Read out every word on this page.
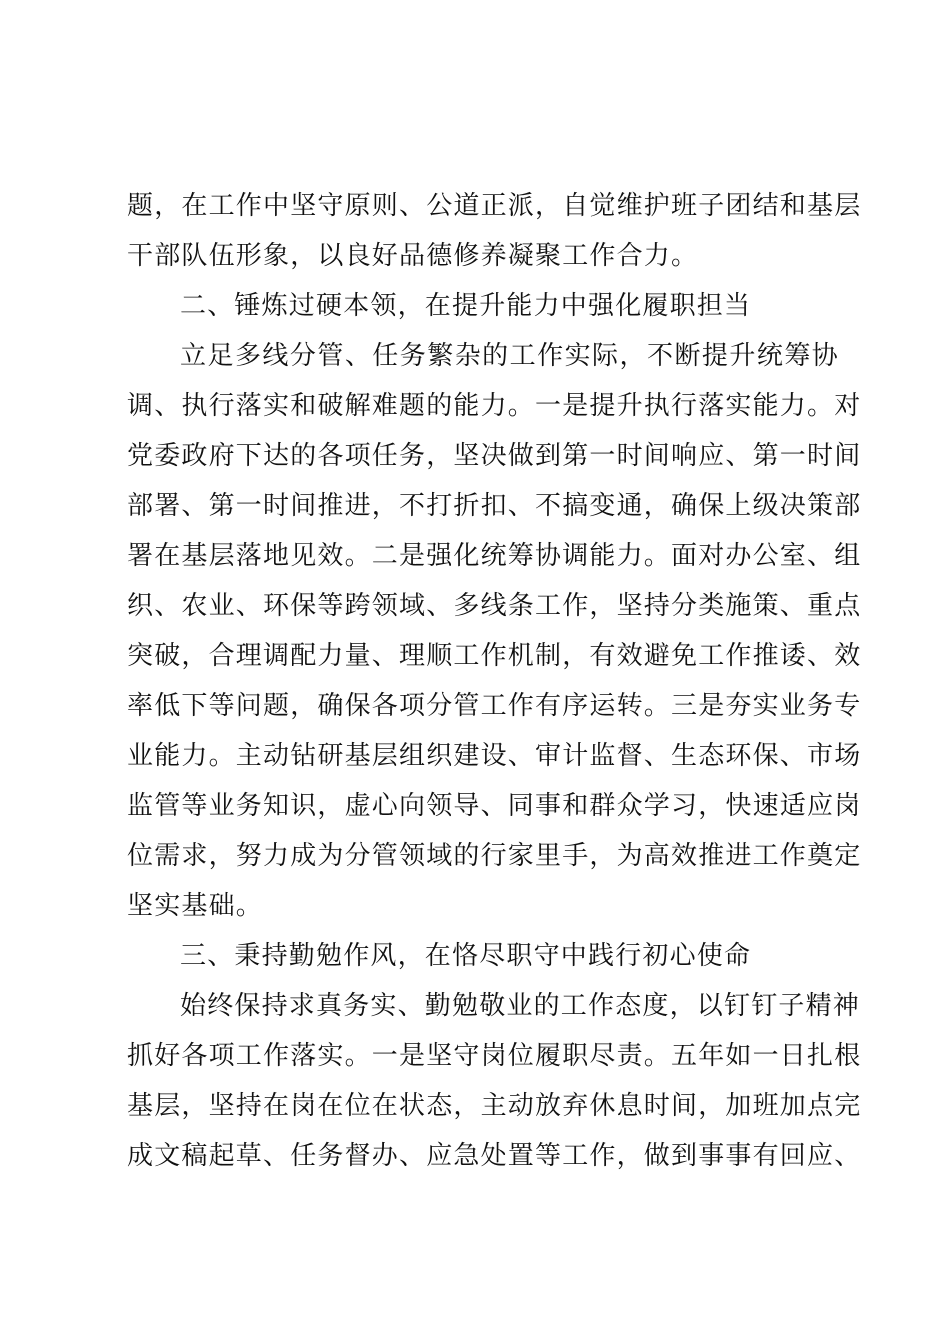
题，在工作中坚守原则、公道正派，自觉维护班子团结和基层
干部队伍形象，以良好品德修养凝聚工作合力。
二、锤炼过硬本领，在提升能力中强化履职担当
立足多线分管、任务繁杂的工作实际，不断提升统筹协
调、执行落实和破解难题的能力。一是提升执行落实能力。对
党委政府下达的各项任务，坚决做到第一时间响应、第一时间
部署、第一时间推进，不打折扣、不搞变通，确保上级决策部
署在基层落地见效。二是强化统筹协调能力。面对办公室、组
织、农业、环保等跨领域、多线条工作，坚持分类施策、重点
突破，合理调配力量、理顺工作机制，有效避免工作推诿、效
率低下等问题，确保各项分管工作有序运转。三是夯实业务专
业能力。主动钻研基层组织建设、审计监督、生态环保、市场
监管等业务知识，虚心向领导、同事和群众学习，快速适应岗
位需求，努力成为分管领域的行家里手，为高效推进工作奠定
坚实基础。
三、秉持勤勉作风，在恪尽职守中践行初心使命
始终保持求真务实、勤勉敬业的工作态度，以钉钉子精神
抓好各项工作落实。一是坚守岗位履职尽责。五年如一日扎根
基层，坚持在岗在位在状态，主动放弃休息时间，加班加点完
成文稿起草、任务督办、应急处置等工作，做到事事有回应、
